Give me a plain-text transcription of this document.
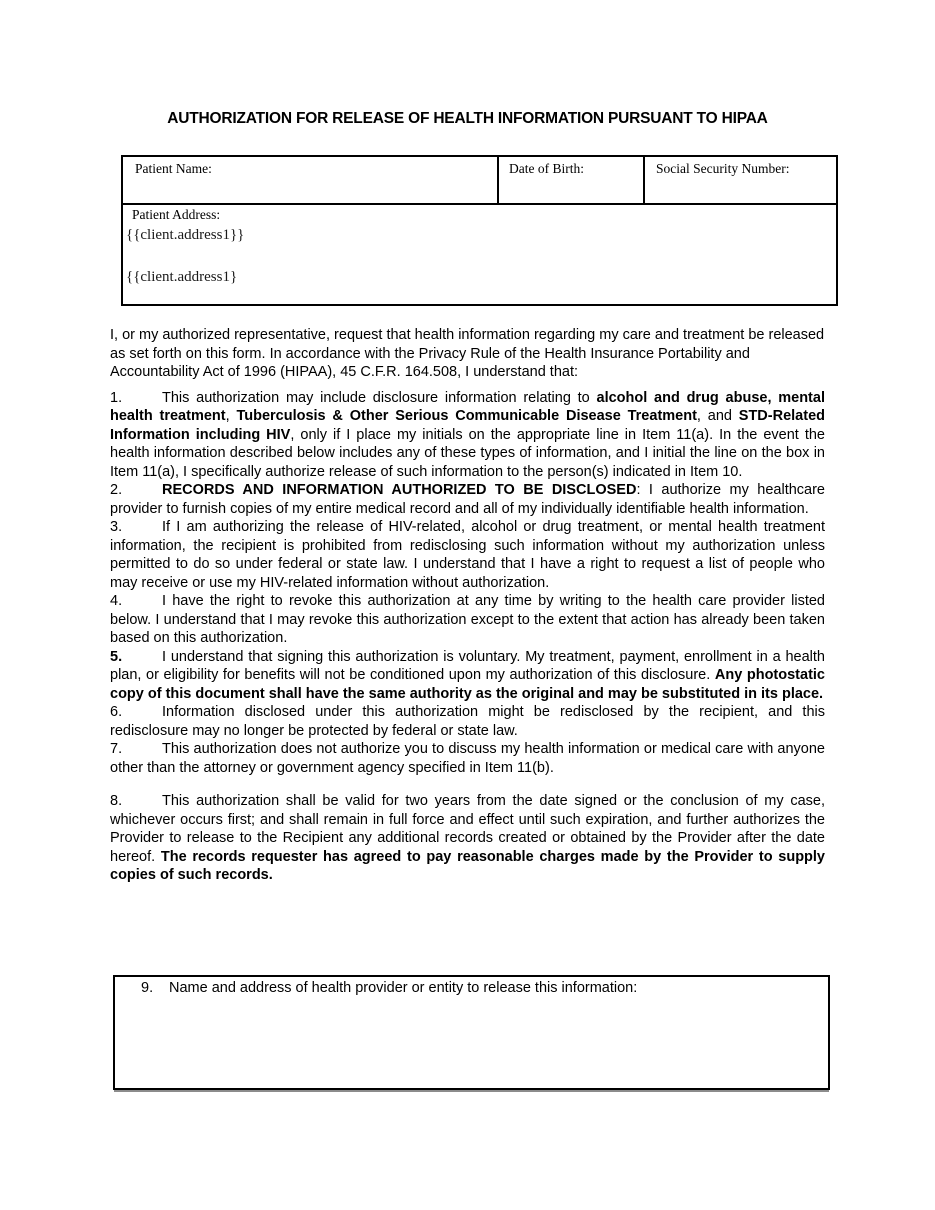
AUTHORIZATION FOR RELEASE OF HEALTH INFORMATION PURSUANT TO HIPAA
Patient Name:	Date of Birth:	Social Security Number:

Patient Address:
{{client.address1}}
{{client.address1}

I, or my authorized representative, request that health information regarding my care and treatment be released as set forth on this form. In accordance with the Privacy Rule of the Health Insurance Portability and Accountability Act of 1996 (HIPAA), 45 C.F.R. 164.508, I understand that:

1.	This authorization may include disclosure information relating to alcohol and drug abuse, mental health treatment, Tuberculosis & Other Serious Communicable Disease Treatment, and STD-Related Information including HIV, only if I place my initials on the appropriate line in Item 11(a). In the event the health information described below includes any of these types of information, and I initial the line on the box in Item 11(a), I specifically authorize release of such information to the person(s) indicated in Item 10.

2.	RECORDS AND INFORMATION AUTHORIZED TO BE DISCLOSED: I authorize my healthcare provider to furnish copies of my entire medical record and all of my individually identifiable health information.

3.	If I am authorizing the release of HIV-related, alcohol or drug treatment, or mental health treatment information, the recipient is prohibited from redisclosing such information without my authorization unless permitted to do so under federal or state law. I understand that I have a right to request a list of people who may receive or use my HIV-related information without authorization.

4.	I have the right to revoke this authorization at any time by writing to the health care provider listed below. I understand that I may revoke this authorization except to the extent that action has already been taken based on this authorization.

5.	I understand that signing this authorization is voluntary. My treatment, payment, enrollment in a health plan, or eligibility for benefits will not be conditioned upon my authorization of this disclosure. Any photostatic copy of this document shall have the same authority as the original and may be substituted in its place.

6.	Information disclosed under this authorization might be redisclosed by the recipient, and this redisclosure may no longer be protected by federal or state law.

7.	This authorization does not authorize you to discuss my health information or medical care with anyone other than the attorney or government agency specified in Item 11(b).

8.	This authorization shall be valid for two years from the date signed or the conclusion of my case, whichever occurs first; and shall remain in full force and effect until such expiration, and further authorizes the Provider to release to the Recipient any additional records created or obtained by the Provider after the date hereof. The records requester has agreed to pay reasonable charges made by the Provider to supply copies of such records.

9. Name and address of health provider or entity to release this information:
